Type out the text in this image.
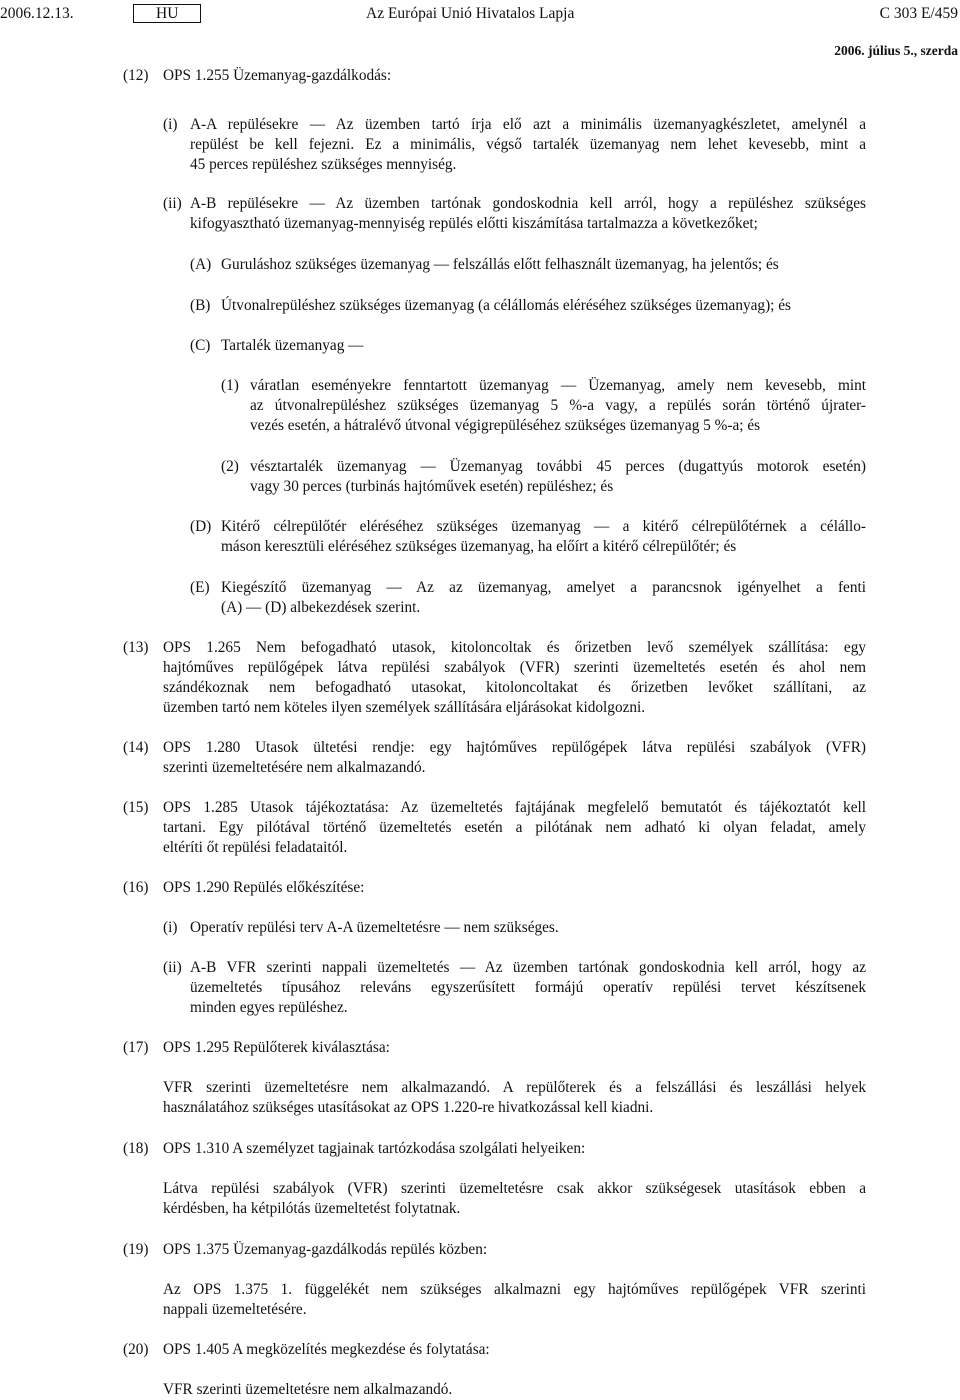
2006.12.13.	HU	Az Európai Unió Hivatalos Lapja	C 303 E/459
2006. július 5., szerda
(12) OPS 1.255 Üzemanyag-gazdálkodás:
(i) A-A repülésekre — Az üzemben tartó írja elő azt a minimális üzemanyagkészletet, amelynél a
repülést be kell fejezni. Ez a minimális, végső tartalék üzemanyag nem lehet kevesebb, mint a
45 perces repüléshez szükséges mennyiség.
(ii) A-B repülésekre — Az üzemben tartónak gondoskodnia kell arról, hogy a repüléshez szükséges
kifogyasztható üzemanyag-mennyiség repülés előtti kiszámítása tartalmazza a következőket;
(A) Guruláshoz szükséges üzemanyag — felszállás előtt felhasznált üzemanyag, ha jelentős; és
(B) Útvonalrepüléshez szükséges üzemanyag (a célállomás eléréséhez szükséges üzemanyag); és
(C) Tartalék üzemanyag —
(1) váratlan eseményekre fenntartott üzemanyag — Üzemanyag, amely nem kevesebb, mint
az útvonalrepüléshez szükséges üzemanyag 5 %-a vagy, a repülés során történő újrater-
vezés esetén, a hátralévő útvonal végigrepüléséhez szükséges üzemanyag 5 %-a; és
(2) vésztartalék üzemanyag — Üzemanyag további 45 perces (dugattyús motorok esetén)
vagy 30 perces (turbinás hajtóművek esetén) repüléshez; és
(D) Kitérő célrepülőtér eléréséhez szükséges üzemanyag — a kitérő célrepülőtérnek a célállo-
máson keresztüli eléréséhez szükséges üzemanyag, ha előírt a kitérő célrepülőtér; és
(E) Kiegészítő üzemanyag — Az az üzemanyag, amelyet a parancsnok igényelhet a fenti
(A) — (D) albekezdések szerint.
(13) OPS 1.265 Nem befogadható utasok, kitoloncoltak és őrizetben levő személyek szállítása: egy
hajtóműves repülőgépek látva repülési szabályok (VFR) szerinti üzemeltetés esetén és ahol nem
szándékoznak nem befogadható utasokat, kitoloncoltakat és őrizetben levőket szállítani, az
üzemben tartó nem köteles ilyen személyek szállítására eljárásokat kidolgozni.
(14) OPS 1.280 Utasok ültetési rendje: egy hajtóműves repülőgépek látva repülési szabályok (VFR)
szerinti üzemeltetésére nem alkalmazandó.
(15) OPS 1.285 Utasok tájékoztatása: Az üzemeltetés fajtájának megfelelő bemutatót és tájékoztatót kell
tartani. Egy pilótával történő üzemeltetés esetén a pilótának nem adható ki olyan feladat, amely
eltéríti őt repülési feladataitól.
(16) OPS 1.290 Repülés előkészítése:
(i) Operatív repülési terv A-A üzemeltetésre — nem szükséges.
(ii) A-B VFR szerinti nappali üzemeltetés — Az üzemben tartónak gondoskodnia kell arról, hogy az
üzemeltetés típusához releváns egyszerűsített formájú operatív repülési tervet készítsenek
minden egyes repüléshez.
(17) OPS 1.295 Repülőterek kiválasztása:
VFR szerinti üzemeltetésre nem alkalmazandó. A repülőterek és a felszállási és leszállási helyek
használatához szükséges utasításokat az OPS 1.220-re hivatkozással kell kiadni.
(18) OPS 1.310 A személyzet tagjainak tartózkodása szolgálati helyeiken:
Látva repülési szabályok (VFR) szerinti üzemeltetésre csak akkor szükségesek utasítások ebben a
kérdésben, ha kétpilótás üzemeltetést folytatnak.
(19) OPS 1.375 Üzemanyag-gazdálkodás repülés közben:
Az OPS 1.375 1. függelékét nem szükséges alkalmazni egy hajtóműves repülőgépek VFR szerinti
nappali üzemeltetésére.
(20) OPS 1.405 A megközelítés megkezdése és folytatása:
VFR szerinti üzemeltetésre nem alkalmazandó.
